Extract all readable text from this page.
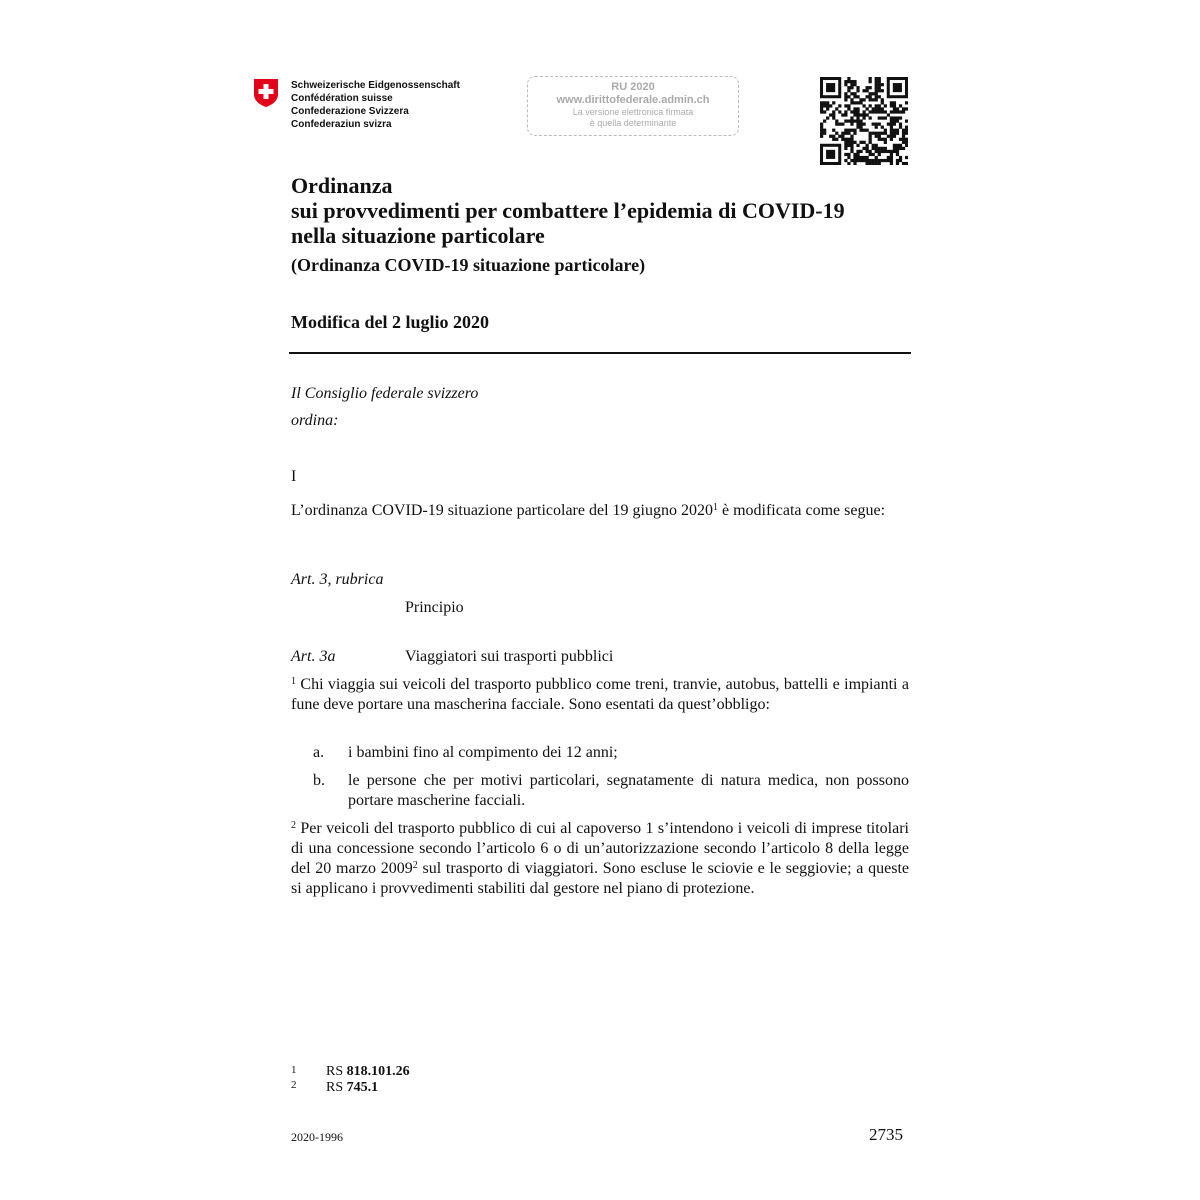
Schweizerische Eidgenossenschaft
Confédération suisse
Confederazione Svizzera
Confederaziun svizra
RU 2020
www.dirittofederale.admin.ch
La versione elettronica firmata
è quella determinante
Ordinanza
sui provvedimenti per combattere l’epidemia di COVID-19
nella situazione particolare
(Ordinanza COVID-19 situazione particolare)
Modifica del 2 luglio 2020
Il Consiglio federale svizzero
ordina:
I
L’ordinanza COVID-19 situazione particolare del 19 giugno 2020$^1$ è modificata come segue:
Art. 3, rubrica
Principio
Art. 3a	Viaggiatori sui trasporti pubblici
$^1$ Chi viaggia sui veicoli del trasporto pubblico come treni, tranvie, autobus, battelli e impianti a fune deve portare una mascherina facciale. Sono esentati da quest’obbligo:
a. i bambini fino al compimento dei 12 anni;
b. le persone che per motivi particolari, segnatamente di natura medica, non possono portare mascherine facciali.
$^2$ Per veicoli del trasporto pubblico di cui al capoverso 1 s’intendono i veicoli di imprese titolari di una concessione secondo l’articolo 6 o di un’autorizzazione secondo l’articolo 8 della legge del 20 marzo 2009$^2$ sul trasporto di viaggiatori. Sono escluse le sciovie e le seggiovie; a queste si applicano i provvedimenti stabiliti dal gestore nel piano di protezione.
1 RS 818.101.26
2 RS 745.1
2020-1996	2735
